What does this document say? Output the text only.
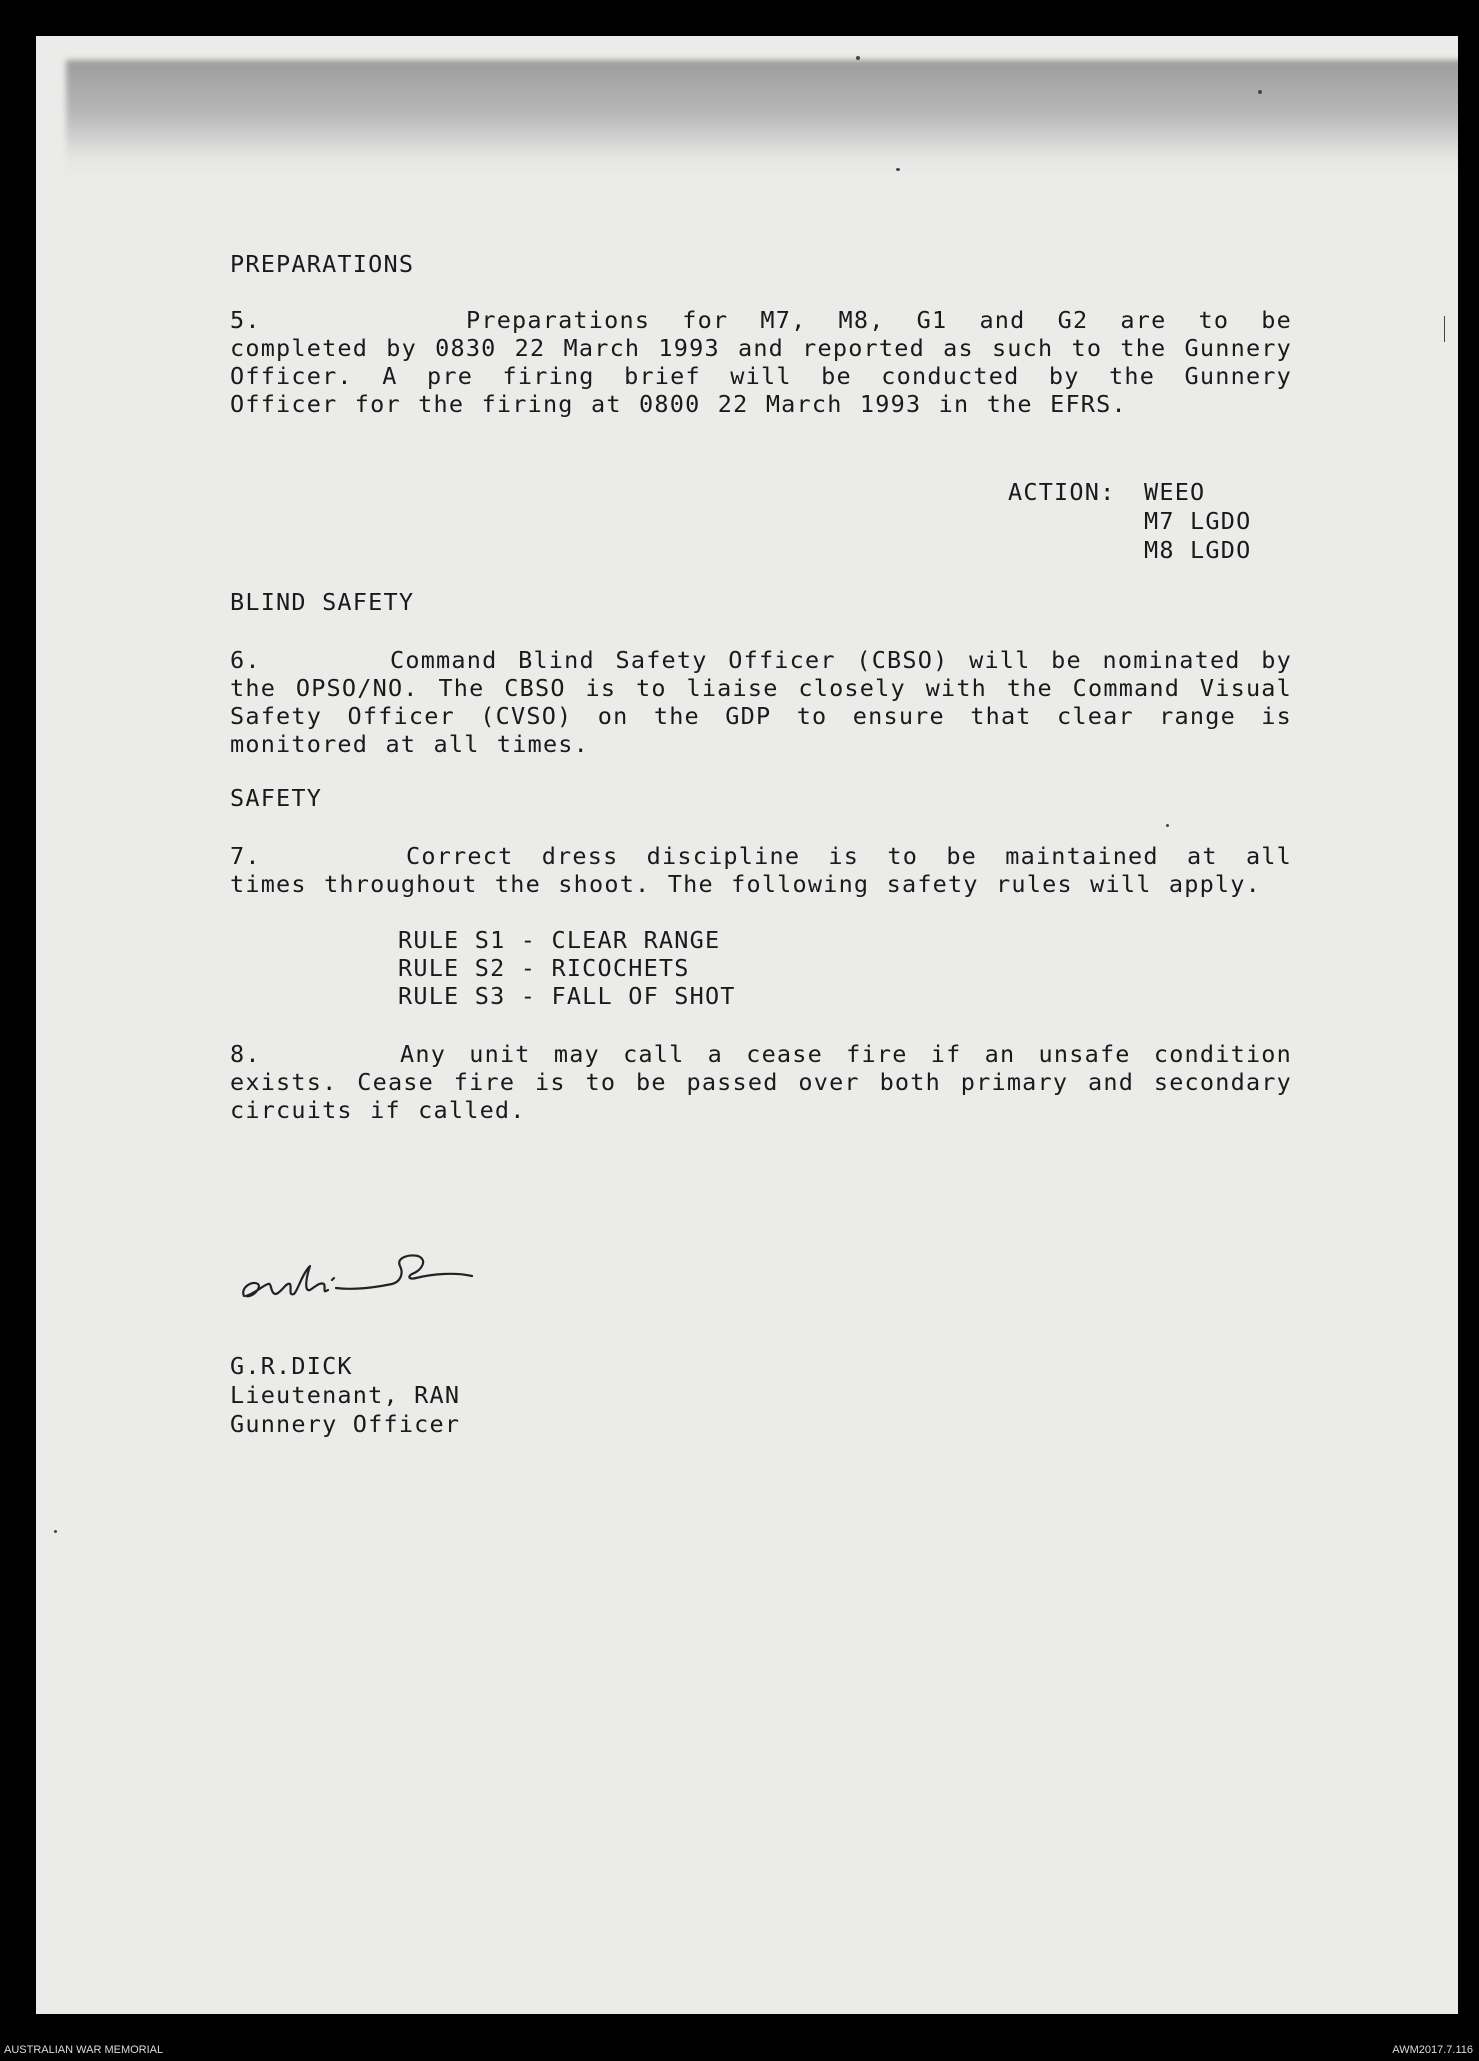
PREPARATIONS

5.	Preparations for M7, M8, G1 and G2 are to be completed by 0830 22 March 1993 and reported as such to the Gunnery Officer. A pre firing brief will be conducted by the Gunnery Officer for the firing at 0800 22 March 1993 in the EFRS.

ACTION:	WEEO
M7 LGDO
M8 LGDO
BLIND SAFETY

6.	Command Blind Safety Officer (CBSO) will be nominated by the OPSO/NO. The CBSO is to liaise closely with the Command Visual Safety Officer (CVSO) on the GDP to ensure that clear range is monitored at all times.

SAFETY

7.	Correct dress discipline is to be maintained at all times throughout the shoot. The following safety rules will apply.

RULE S1 - CLEAR RANGE
RULE S2 - RICOCHETS
RULE S3 - FALL OF SHOT

8.	Any unit may call a cease fire if an unsafe condition exists. Cease fire is to be passed over both primary and secondary circuits if called.

G.R.DICK
Lieutenant, RAN
Gunnery Officer
AUSTRALIAN WAR MEMORIAL	AWM2017.7.116
